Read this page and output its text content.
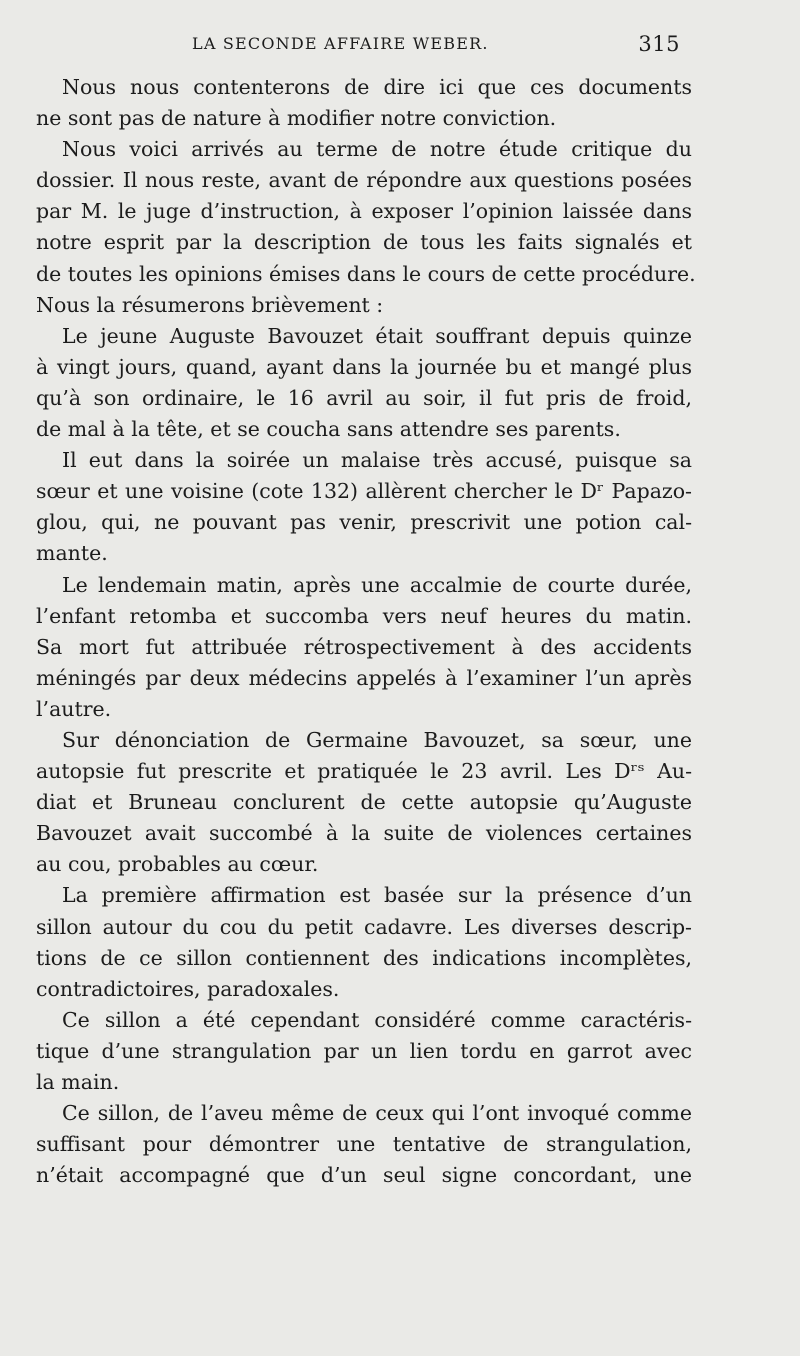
LA SECONDE AFFAIRE WEBER.	315
Nous nous contenterons de dire ici que ces documents
ne sont pas de nature à modifier notre conviction.
Nous voici arrivés au terme de notre étude critique du
dossier. Il nous reste, avant de répondre aux questions posées
par M. le juge d’instruction, à exposer l’opinion laissée dans
notre esprit par la description de tous les faits signalés et
de toutes les opinions émises dans le cours de cette procédure.
Nous la résumerons brièvement :
Le jeune Auguste Bavouzet était souffrant depuis quinze
à vingt jours, quand, ayant dans la journée bu et mangé plus
qu’à son ordinaire, le 16 avril au soir, il fut pris de froid,
de mal à la tête, et se coucha sans attendre ses parents.
Il eut dans la soirée un malaise très accusé, puisque sa
sœur et une voisine (cote 132) allèrent chercher le Dʳ Papazo-
glou, qui, ne pouvant pas venir, prescrivit une potion cal-
mante.
Le lendemain matin, après une accalmie de courte durée,
l’enfant retomba et succomba vers neuf heures du matin.
Sa mort fut attribuée rétrospectivement à des accidents
méningés par deux médecins appelés à l’examiner l’un après
l’autre.
Sur dénonciation de Germaine Bavouzet, sa sœur, une
autopsie fut prescrite et pratiquée le 23 avril. Les Dʳˢ Au-
diat et Bruneau conclurent de cette autopsie qu’Auguste
Bavouzet avait succombé à la suite de violences certaines
au cou, probables au cœur.
La première affirmation est basée sur la présence d’un
sillon autour du cou du petit cadavre. Les diverses descrip-
tions de ce sillon contiennent des indications incomplètes,
contradictoires, paradoxales.
Ce sillon a été cependant considéré comme caractéris-
tique d’une strangulation par un lien tordu en garrot avec
la main.
Ce sillon, de l’aveu même de ceux qui l’ont invoqué comme
suffisant pour démontrer une tentative de strangulation,
n’était accompagné que d’un seul signe concordant, une
